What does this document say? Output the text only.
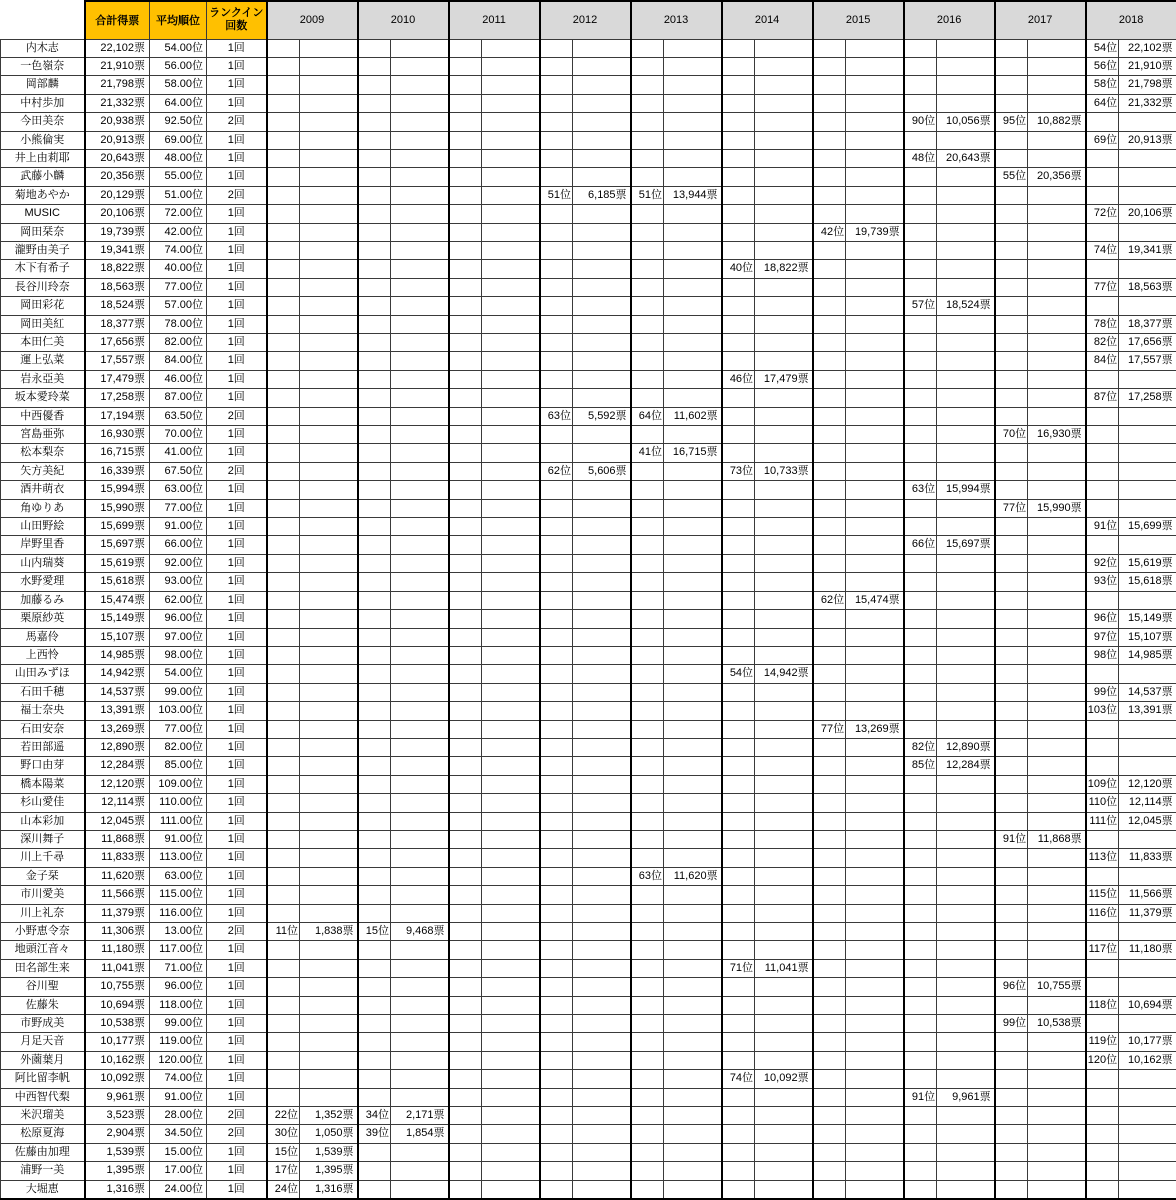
	合計得票	平均順位	ランクイン
回数	2009		2010		2011		2012		2013		2014		2015		2016		2017		2018	
内木志	22,102票	54.00位	1回																			54位	22,102票
一色嶺奈	21,910票	56.00位	1回																			56位	21,910票
岡部麟	21,798票	58.00位	1回																			58位	21,798票
中村歩加	21,332票	64.00位	1回																			64位	21,332票
今田美奈	20,938票	92.50位	2回															90位	10,056票	95位	10,882票		
小熊倫実	20,913票	69.00位	1回																			69位	20,913票
井上由莉耶	20,643票	48.00位	1回															48位	20,643票				
武藤小麟	20,356票	55.00位	1回																	55位	20,356票		
菊地あやか	20,129票	51.00位	2回							51位	6,185票	51位	13,944票										
MUSIC	20,106票	72.00位	1回																			72位	20,106票
岡田栞奈	19,739票	42.00位	1回													42位	19,739票						
瀧野由美子	19,341票	74.00位	1回																			74位	19,341票
木下有希子	18,822票	40.00位	1回											40位	18,822票								
長谷川玲奈	18,563票	77.00位	1回																			77位	18,563票
岡田彩花	18,524票	57.00位	1回															57位	18,524票				
岡田美紅	18,377票	78.00位	1回																			78位	18,377票
本田仁美	17,656票	82.00位	1回																			82位	17,656票
運上弘菜	17,557票	84.00位	1回																			84位	17,557票
岩永亞美	17,479票	46.00位	1回											46位	17,479票								
坂本愛玲菜	17,258票	87.00位	1回																			87位	17,258票
中西優香	17,194票	63.50位	2回							63位	5,592票	64位	11,602票										
宮島亜弥	16,930票	70.00位	1回																	70位	16,930票		
松本梨奈	16,715票	41.00位	1回									41位	16,715票										
矢方美紀	16,339票	67.50位	2回							62位	5,606票			73位	10,733票								
酒井萌衣	15,994票	63.00位	1回															63位	15,994票				
角ゆりあ	15,990票	77.00位	1回																	77位	15,990票		
山田野絵	15,699票	91.00位	1回																			91位	15,699票
岸野里香	15,697票	66.00位	1回															66位	15,697票				
山内瑞葵	15,619票	92.00位	1回																			92位	15,619票
水野愛理	15,618票	93.00位	1回																			93位	15,618票
加藤るみ	15,474票	62.00位	1回													62位	15,474票						
栗原紗英	15,149票	96.00位	1回																			96位	15,149票
馬嘉伶	15,107票	97.00位	1回																			97位	15,107票
上西怜	14,985票	98.00位	1回																			98位	14,985票
山田みずほ	14,942票	54.00位	1回											54位	14,942票								
石田千穂	14,537票	99.00位	1回																			99位	14,537票
福士奈央	13,391票	103.00位	1回																			103位	13,391票
石田安奈	13,269票	77.00位	1回													77位	13,269票						
若田部遥	12,890票	82.00位	1回															82位	12,890票				
野口由芽	12,284票	85.00位	1回															85位	12,284票				
橋本陽菜	12,120票	109.00位	1回																			109位	12,120票
杉山愛佳	12,114票	110.00位	1回																			110位	12,114票
山本彩加	12,045票	111.00位	1回																			111位	12,045票
深川舞子	11,868票	91.00位	1回																	91位	11,868票		
川上千尋	11,833票	113.00位	1回																			113位	11,833票
金子栞	11,620票	63.00位	1回									63位	11,620票										
市川愛美	11,566票	115.00位	1回																			115位	11,566票
川上礼奈	11,379票	116.00位	1回																			116位	11,379票
小野恵令奈	11,306票	13.00位	2回	11位	1,838票	15位	9,468票																
地頭江音々	11,180票	117.00位	1回																			117位	11,180票
田名部生来	11,041票	71.00位	1回											71位	11,041票								
谷川聖	10,755票	96.00位	1回																	96位	10,755票		
佐藤朱	10,694票	118.00位	1回																			118位	10,694票
市野成美	10,538票	99.00位	1回																	99位	10,538票		
月足天音	10,177票	119.00位	1回																			119位	10,177票
外薗葉月	10,162票	120.00位	1回																			120位	10,162票
阿比留李帆	10,092票	74.00位	1回											74位	10,092票								
中西智代梨	9,961票	91.00位	1回															91位	9,961票				
米沢瑠美	3,523票	28.00位	2回	22位	1,352票	34位	2,171票																
松原夏海	2,904票	34.50位	2回	30位	1,050票	39位	1,854票																
佐藤由加理	1,539票	15.00位	1回	15位	1,539票																		
浦野一美	1,395票	17.00位	1回	17位	1,395票																		
大堀恵	1,316票	24.00位	1回	24位	1,316票																		
